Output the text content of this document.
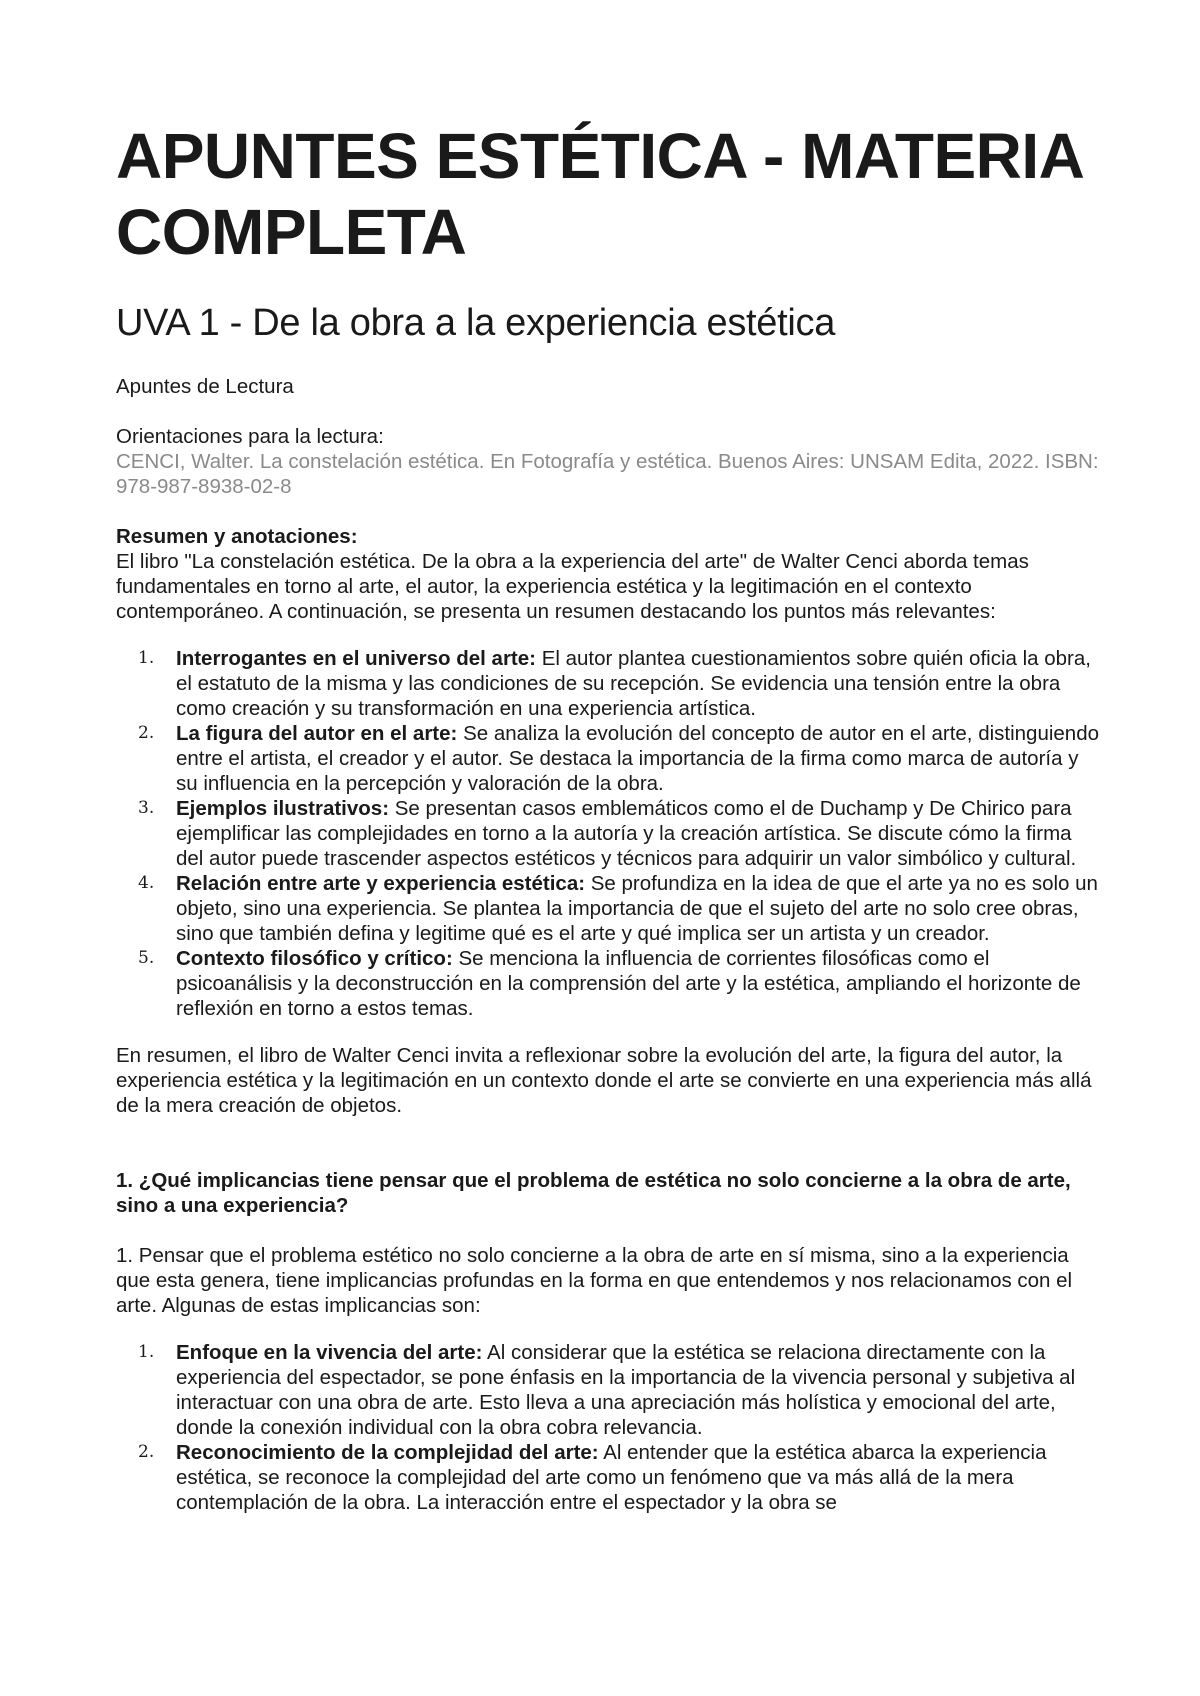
APUNTES ESTÉTICA - MATERIA COMPLETA
UVA 1 - De la obra a la experiencia estética

Apuntes de Lectura

Orientaciones para la lectura:

CENCI, Walter. La constelación estética. En Fotografía y estética. Buenos Aires: UNSAM Edita, 2022. ISBN: 978-987-8938-02-8

Resumen y anotaciones:

El libro "La constelación estética. De la obra a la experiencia del arte" de Walter Cenci aborda temas fundamentales en torno al arte, el autor, la experiencia estética y la legitimación en el contexto contemporáneo. A continuación, se presenta un resumen destacando los puntos más relevantes:

1. Interrogantes en el universo del arte: El autor plantea cuestionamientos sobre quién oficia la obra, el estatuto de la misma y las condiciones de su recepción. Se evidencia una tensión entre la obra como creación y su transformación en una experiencia artística.
2. La figura del autor en el arte: Se analiza la evolución del concepto de autor en el arte, distinguiendo entre el artista, el creador y el autor. Se destaca la importancia de la firma como marca de autoría y su influencia en la percepción y valoración de la obra.
3. Ejemplos ilustrativos: Se presentan casos emblemáticos como el de Duchamp y De Chirico para ejemplificar las complejidades en torno a la autoría y la creación artística. Se discute cómo la firma del autor puede trascender aspectos estéticos y técnicos para adquirir un valor simbólico y cultural.
4. Relación entre arte y experiencia estética: Se profundiza en la idea de que el arte ya no es solo un objeto, sino una experiencia. Se plantea la importancia de que el sujeto del arte no solo cree obras, sino que también defina y legitime qué es el arte y qué implica ser un artista y un creador.
5. Contexto filosófico y crítico: Se menciona la influencia de corrientes filosóficas como el psicoanálisis y la deconstrucción en la comprensión del arte y la estética, ampliando el horizonte de reflexión en torno a estos temas.

En resumen, el libro de Walter Cenci invita a reflexionar sobre la evolución del arte, la figura del autor, la experiencia estética y la legitimación en un contexto donde el arte se convierte en una experiencia más allá de la mera creación de objetos.

1. ¿Qué implicancias tiene pensar que el problema de estética no solo concierne a la obra de arte, sino a una experiencia?

1. Pensar que el problema estético no solo concierne a la obra de arte en sí misma, sino a la experiencia que esta genera, tiene implicancias profundas en la forma en que entendemos y nos relacionamos con el arte. Algunas de estas implicancias son:

1. Enfoque en la vivencia del arte: Al considerar que la estética se relaciona directamente con la experiencia del espectador, se pone énfasis en la importancia de la vivencia personal y subjetiva al interactuar con una obra de arte. Esto lleva a una apreciación más holística y emocional del arte, donde la conexión individual con la obra cobra relevancia.
2. Reconocimiento de la complejidad del arte: Al entender que la estética abarca la experiencia estética, se reconoce la complejidad del arte como un fenómeno que va más allá de la mera contemplación de la obra. La interacción entre el espectador y la obra se
